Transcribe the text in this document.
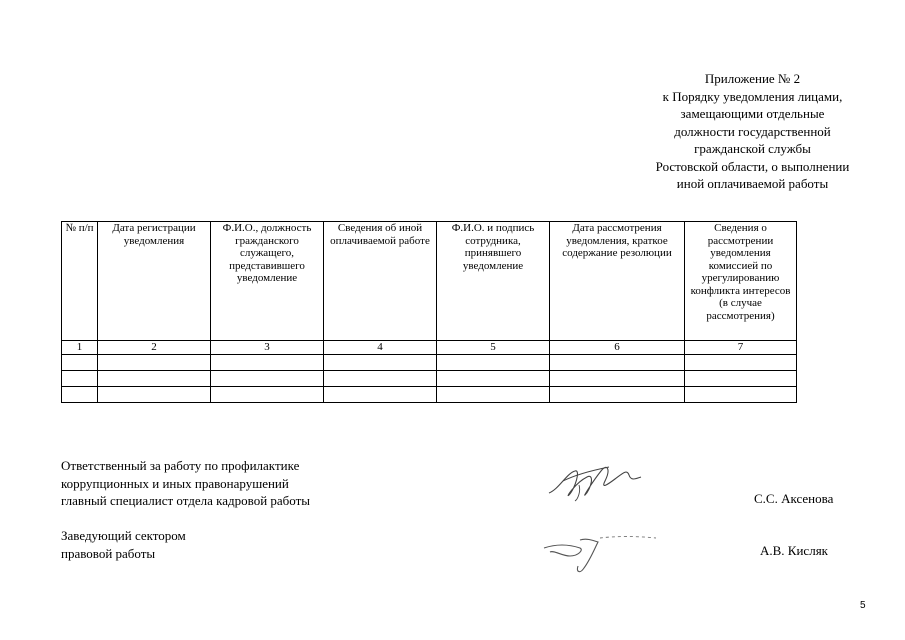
Приложение № 2
к Порядку уведомления лицами,
замещающими отдельные
должности государственной
гражданской службы
Ростовской области, о выполнении
иной оплачиваемой работы
№ п/п	Дата регистрации уведомления	Ф.И.О., должность гражданского служащего, представившего уведомление	Сведения об иной оплачиваемой работе	Ф.И.О. и подпись сотрудника, принявшего уведомление	Дата рассмотрения уведомления, краткое содержание резолюции	Сведения о рассмотрении уведомления комиссией по урегулированию конфликта интересов (в случае рассмотрения)
1	2	3	4	5	6	7

Ответственный за работу по профилактике
коррупционных и иных правонарушений
главный специалист отдела кадровой работы	С.С. Аксенова
Заведующий сектором
правовой работы	А.В. Кисляк
5
